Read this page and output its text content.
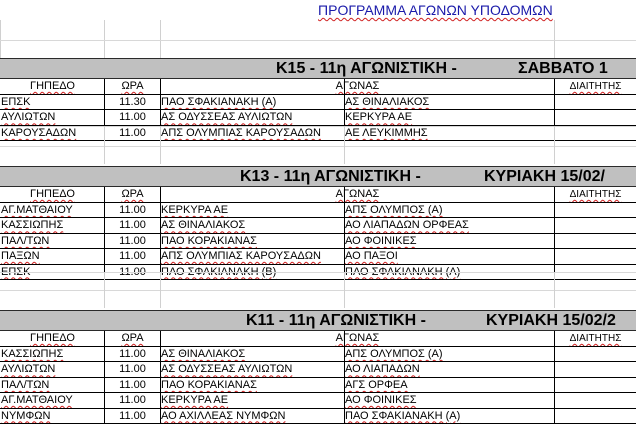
ΠΡΟΓΡΑΜΜΑ ΑΓΩΝΩΝ ΥΠΟΔΟΜΩΝ
Κ15 - 11η ΑΓΩΝΙΣΤΙΚΗ -	ΣΑΒΒΑΤΟ 1
ΓΗΠΕΔΟ	ΩΡΑ	ΑΓΩΝΑΣ	ΔΙΑΙΤΗΤΗΣ
ΕΠΣΚ	11.30	ΠΑΟ ΣΦΑΚΙΑΝΑΚΗ (Α)	ΑΣ ΘΙΝΑΛΙΑΚΟΣ
ΑΥΛΙΩΤΩΝ	11.00	ΑΣ ΟΔΥΣΣΕΑΣ ΑΥΛΙΩΤΩΝ	ΚΕΡΚΥΡΑ ΑΕ
ΚΑΡΟΥΣΑΔΩΝ	11.00	ΑΠΣ ΟΛΥΜΠΙΑΣ ΚΑΡΟΥΣΑΔΩΝ	ΑΕ ΛΕΥΚΙΜΜΗΣ
Κ13 - 11η ΑΓΩΝΙΣΤΙΚΗ -	ΚΥΡΙΑΚΗ 15/02/
ΓΗΠΕΔΟ	ΩΡΑ	ΑΓΩΝΑΣ	ΔΙΑΙΤΗΤΗΣ
ΑΓ.ΜΑΤΘΑΙΟΥ	11.00	ΚΕΡΚΥΡΑ ΑΕ	ΑΠΣ ΟΛΥΜΠΟΣ (Α)
ΚΑΣΣΙΩΠΗΣ	11.00	ΑΣ ΘΙΝΑΛΙΑΚΟΣ	ΑΟ ΛΙΑΠΑΔΩΝ ΟΡΦΕΑΣ
ΠΑΛ/ΤΩΝ	11.00	ΠΑΟ ΚΟΡΑΚΙΑΝΑΣ	ΑΟ ΦΟΙΝΙΚΕΣ
ΠΑΞΩΝ	11.00	ΑΠΣ ΟΛΥΜΠΙΑΣ ΚΑΡΟΥΣΑΔΩΝ	ΑΟ ΠΑΞΟΙ
ΕΠΣΚ	11.00	ΠΑΟ ΣΦΑΚΙΑΝΑΚΗ (Β)	ΠΑΟ ΣΦΑΚΙΑΝΑΚΗ (Α)
Κ11 - 11η ΑΓΩΝΙΣΤΙΚΗ -	ΚΥΡΙΑΚΗ 15/02/2
ΓΗΠΕΔΟ	ΩΡΑ	ΑΓΩΝΑΣ	ΔΙΑΙΤΗΤΗΣ
ΚΑΣΣΙΩΠΗΣ	11.00	ΑΣ ΘΙΝΑΛΙΑΚΟΣ	ΑΠΣ ΟΛΥΜΠΟΣ (Α)
ΑΥΛΙΩΤΩΝ	11.00	ΑΣ ΟΔΥΣΣΕΑΣ ΑΥΛΙΩΤΩΝ	ΑΟ ΛΙΑΠΑΔΩΝ
ΠΑΛ/ΤΩΝ	11.00	ΠΑΟ ΚΟΡΑΚΙΑΝΑΣ	ΑΓΣ ΟΡΦΕΑ
ΑΓ.ΜΑΤΘΑΙΟΥ	11.00	ΚΕΡΚΥΡΑ ΑΕ	ΑΟ ΦΟΙΝΙΚΕΣ
ΝΥΜΦΩΝ	11.00	ΑΟ ΑΧΙΛΛΕΑΣ ΝΥΜΦΩΝ	ΠΑΟ ΣΦΑΚΙΑΝΑΚΗ (Α)
